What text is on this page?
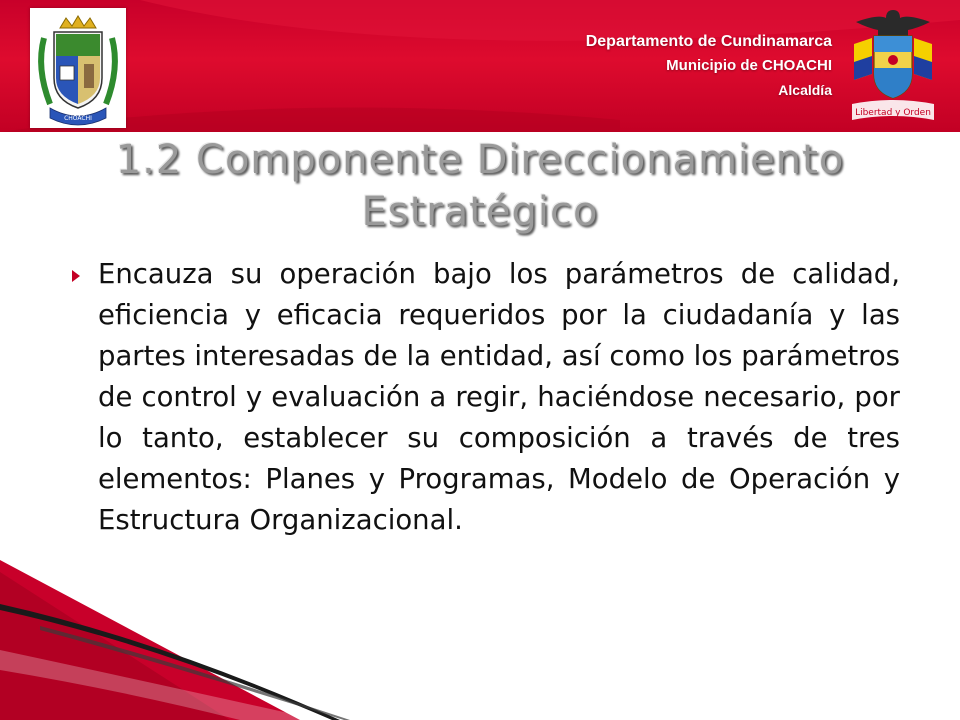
CHOACHI
Departamento de Cundinamarca
Municipio de CHOACHI
Alcaldía
Libertad y Orden
1.2 Componente Direccionamiento Estratégico
Encauza su operación bajo los parámetros de calidad, eficiencia y eficacia requeridos por la ciudadanía y las partes interesadas de la entidad, así como los parámetros de control y evaluación a regir, haciéndose necesario, por lo tanto, establecer su composición a través de tres elementos: Planes y Programas, Modelo de Operación y Estructura Organizacional.
